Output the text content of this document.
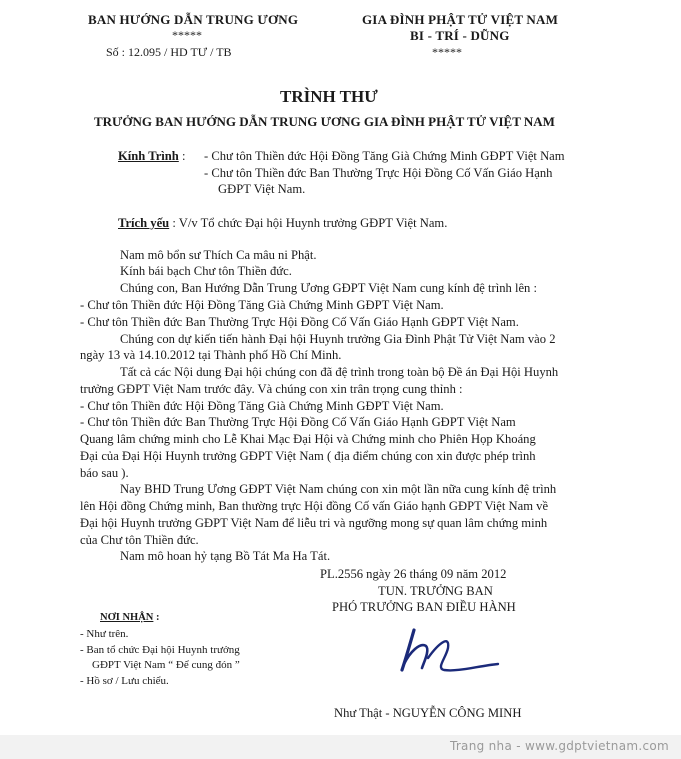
BAN HƯỚNG DẪN TRUNG ƯƠNG
*****
Số : 12.095 / HD TƯ / TB
GIA ĐÌNH PHẬT TỬ VIỆT NAM
BI - TRÍ - DŨNG
*****
TRÌNH THƯ
TRƯỞNG BAN HƯỚNG DẪN TRUNG ƯƠNG GIA ĐÌNH PHẬT TỬ VIỆT NAM
Kính Trình : - Chư tôn Thiền đức Hội Đồng Tăng Già Chứng Minh GĐPT Việt Nam
- Chư tôn Thiền đức Ban Thường Trực Hội Đồng Cố Vấn Giáo Hạnh
GĐPT Việt Nam.
Trích yếu : V/v Tổ chức Đại hội Huynh trưởng GĐPT Việt Nam.
Nam mô bổn sư Thích Ca mâu ni Phật.
Kính bái bạch Chư tôn Thiền đức.
Chúng con, Ban Hướng Dẫn Trung Ương GĐPT Việt Nam cung kính đệ trình lên :
- Chư tôn Thiền đức Hội Đồng Tăng Già Chứng Minh GĐPT Việt Nam.
- Chư tôn Thiền đức Ban Thường Trực Hội Đồng Cố Vấn Giáo Hạnh GĐPT Việt Nam.
Chúng con dự kiến tiến hành Đại hội Huynh trưởng Gia Đình Phật Tử Việt Nam vào 2
ngày 13 và 14.10.2012 tại Thành phố Hồ Chí Minh.
Tất cả các Nội dung Đại hội chúng con đã đệ trình trong toàn bộ Đề án Đại Hội Huynh
trưởng GĐPT Việt Nam trước đây. Và chúng con xin trân trọng cung thỉnh :
- Chư tôn Thiền đức Hội Đồng Tăng Già Chứng Minh GĐPT Việt Nam.
- Chư tôn Thiền đức Ban Thường Trực Hội Đồng Cố Vấn Giáo Hạnh GĐPT Việt Nam
Quang lâm chứng minh cho Lễ Khai Mạc Đại Hội và Chứng minh cho Phiên Họp Khoáng
Đại của Đại Hội Huynh trưởng GĐPT Việt Nam ( địa điểm chúng con xin được phép trình
báo sau ).
Nay BHD Trung Ương GĐPT Việt Nam chúng con xin một lần nữa cung kính đệ trình
lên Hội đồng Chứng minh, Ban thường trực Hội đồng Cố vấn Giáo hạnh GĐPT Việt Nam về
Đại hội Huynh trưởng GĐPT Việt Nam để liễu tri và ngưỡng mong sự quan lâm chứng minh
của Chư tôn Thiền đức.
Nam mô hoan hỷ tạng Bồ Tát Ma Ha Tát.
PL.2556 ngày 26 tháng 09 năm 2012
TUN. TRƯỞNG BAN
PHÓ TRƯỞNG BAN ĐIỀU HÀNH
Như Thật - NGUYỄN CÔNG MINH
NƠI NHẬN :
- Như trên.
- Ban tổ chức Đại hội Huynh trưởng
GĐPT Việt Nam “ Để cung đón ”
- Hồ sơ / Lưu chiểu.
Trang nha - www.gdptvietnam.com
